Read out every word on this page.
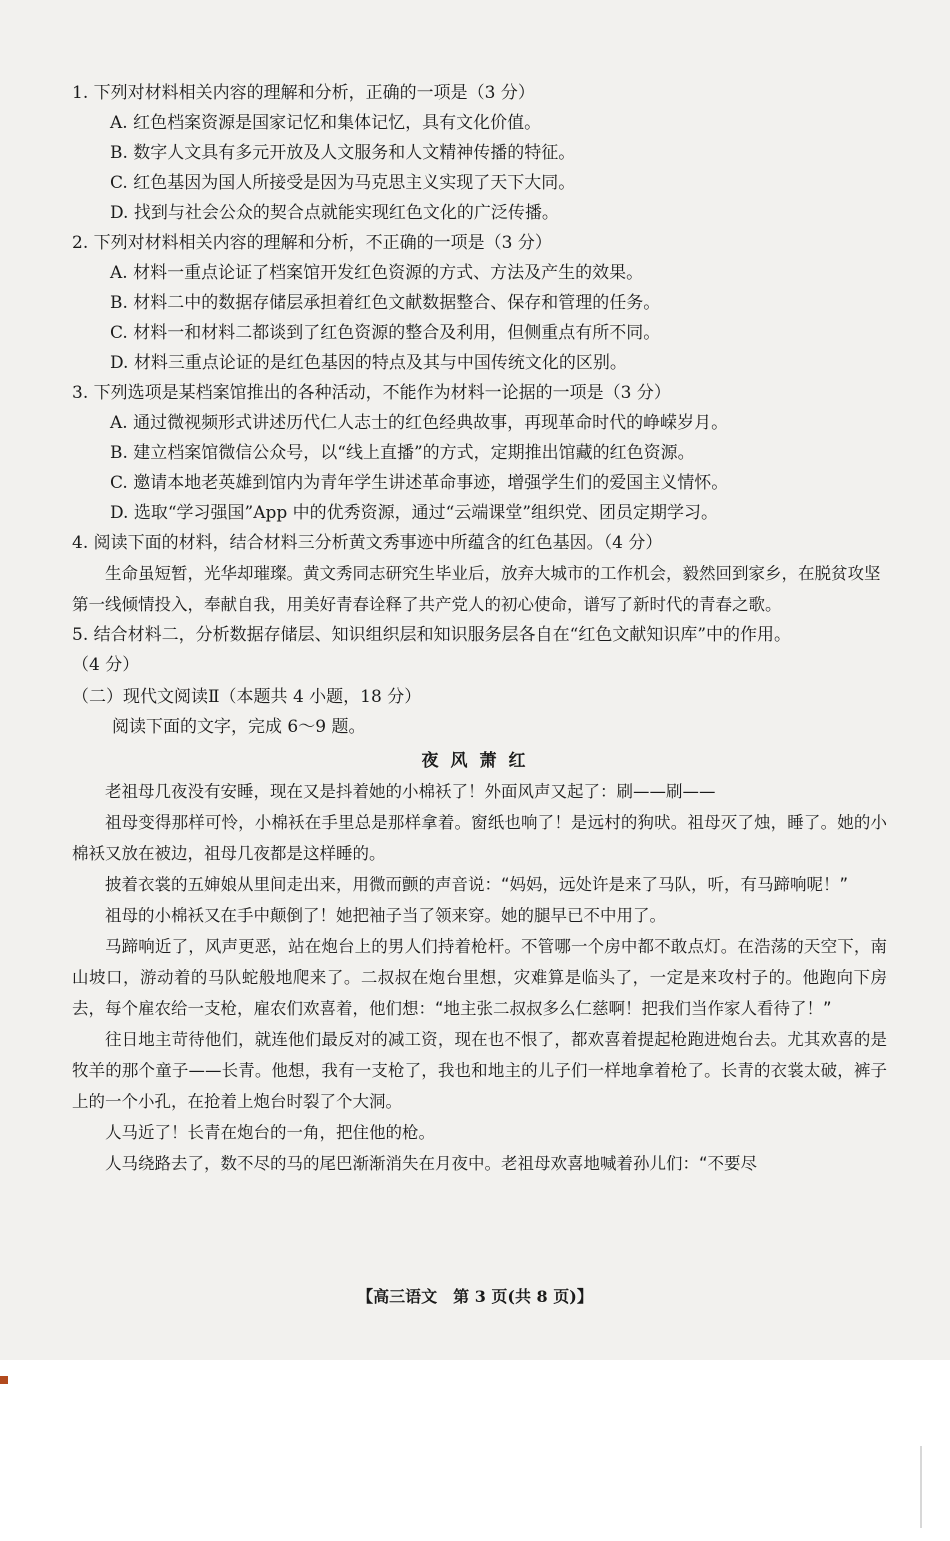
1. 下列对材料相关内容的理解和分析，正确的一项是（3 分）

A. 红色档案资源是国家记忆和集体记忆，具有文化价值。

B. 数字人文具有多元开放及人文服务和人文精神传播的特征。

C. 红色基因为国人所接受是因为马克思主义实现了天下大同。

D. 找到与社会公众的契合点就能实现红色文化的广泛传播。

2. 下列对材料相关内容的理解和分析，不正确的一项是（3 分）

A. 材料一重点论证了档案馆开发红色资源的方式、方法及产生的效果。

B. 材料二中的数据存储层承担着红色文献数据整合、保存和管理的任务。

C. 材料一和材料二都谈到了红色资源的整合及利用，但侧重点有所不同。

D. 材料三重点论证的是红色基因的特点及其与中国传统文化的区别。

3. 下列选项是某档案馆推出的各种活动，不能作为材料一论据的一项是（3 分）

A. 通过微视频形式讲述历代仁人志士的红色经典故事，再现革命时代的峥嵘岁月。

B. 建立档案馆微信公众号，以“线上直播”的方式，定期推出馆藏的红色资源。

C. 邀请本地老英雄到馆内为青年学生讲述革命事迹，增强学生们的爱国主义情怀。

D. 选取“学习强国”App 中的优秀资源，通过“云端课堂”组织党、团员定期学习。

4. 阅读下面的材料，结合材料三分析黄文秀事迹中所蕴含的红色基因。（4 分）

生命虽短暂，光华却璀璨。黄文秀同志研究生毕业后，放弃大城市的工作机会，毅然回到家乡，在脱贫攻坚第一线倾情投入，奉献自我，用美好青春诠释了共产党人的初心使命，谱写了新时代的青春之歌。

5. 结合材料二，分析数据存储层、知识组织层和知识服务层各自在“红色文献知识库”中的作用。

（4 分）

（二）现代文阅读Ⅱ（本题共 4 小题，18 分）

阅读下面的文字，完成 6～9 题。

夜风萧红

老祖母几夜没有安睡，现在又是抖着她的小棉袄了！外面风声又起了：刷——刷——

祖母变得那样可怜，小棉袄在手里总是那样拿着。窗纸也响了！是远村的狗吠。祖母灭了烛，睡了。她的小棉袄又放在被边，祖母几夜都是这样睡的。

披着衣裳的五婶娘从里间走出来，用微而颤的声音说：“妈妈，远处许是来了马队，听，有马蹄响呢！”

祖母的小棉袄又在手中颠倒了！她把袖子当了领来穿。她的腿早已不中用了。

马蹄响近了，风声更恶，站在炮台上的男人们持着枪杆。不管哪一个房中都不敢点灯。在浩荡的天空下，南山坡口，游动着的马队蛇般地爬来了。二叔叔在炮台里想，灾难算是临头了，一定是来攻村子的。他跑向下房去，每个雇农给一支枪，雇农们欢喜着，他们想：“地主张二叔叔多么仁慈啊！把我们当作家人看待了！”

往日地主苛待他们，就连他们最反对的减工资，现在也不恨了，都欢喜着提起枪跑进炮台去。尤其欢喜的是牧羊的那个童子——长青。他想，我有一支枪了，我也和地主的儿子们一样地拿着枪了。长青的衣裳太破，裤子上的一个小孔，在抢着上炮台时裂了个大洞。

人马近了！长青在炮台的一角，把住他的枪。

人马绕路去了，数不尽的马的尾巴渐渐消失在月夜中。老祖母欢喜地喊着孙儿们：“不要尽

【高三语文　第 3 页(共 8 页)】
